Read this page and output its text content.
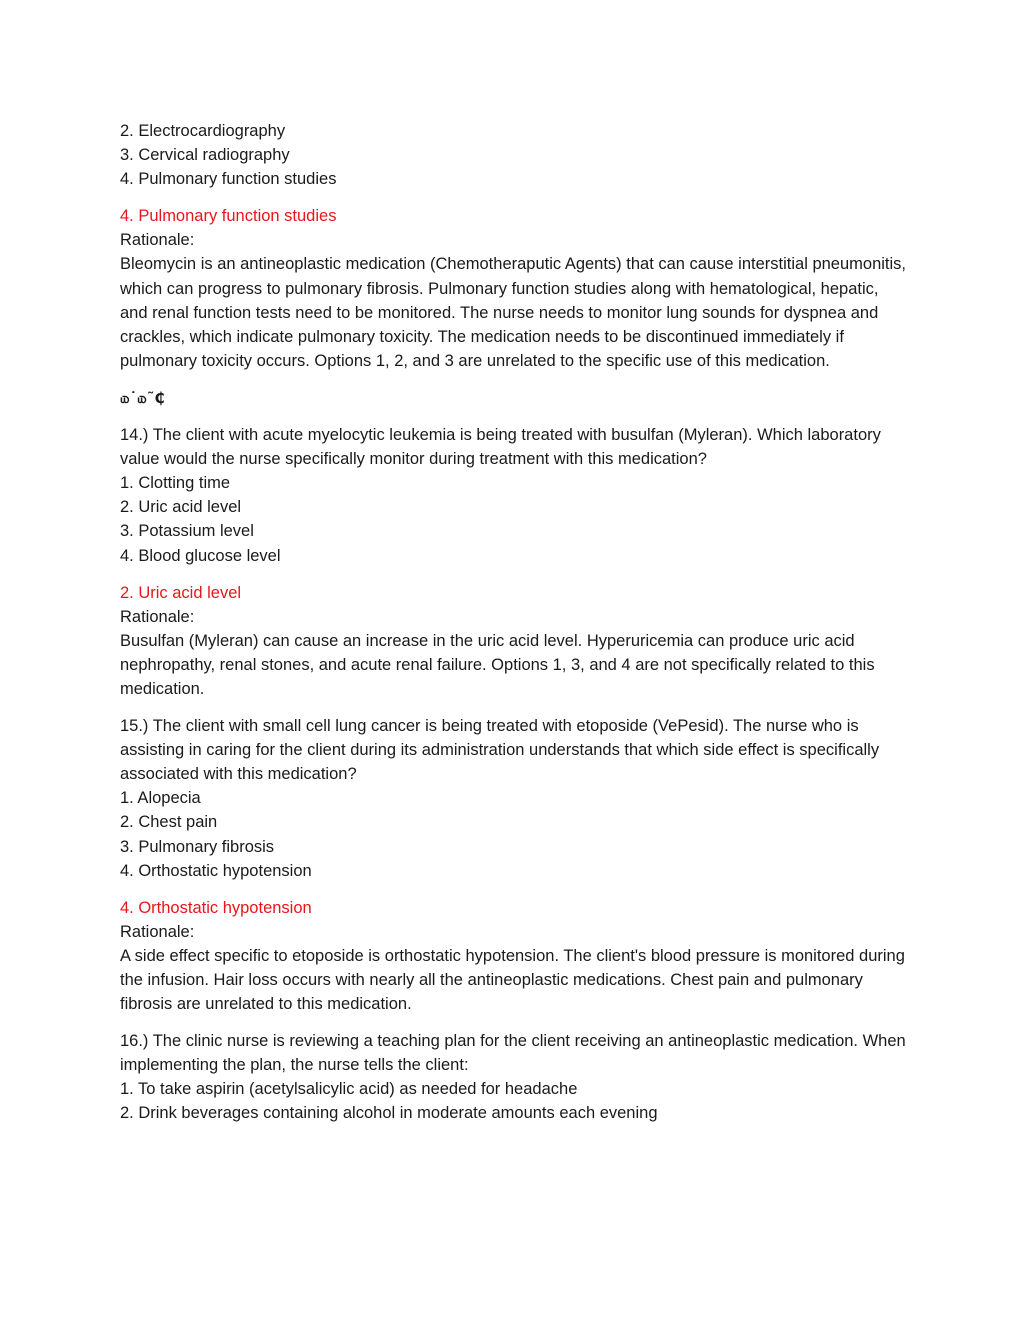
2. Electrocardiography
3. Cervical radiography
4. Pulmonary function studies
4. Pulmonary function studies
Rationale:
Bleomycin is an antineoplastic medication (Chemotheraputic Agents) that can cause interstitial pneumonitis, which can progress to pulmonary fibrosis. Pulmonary function studies along with hematological, hepatic, and renal function tests need to be monitored. The nurse needs to monitor lung sounds for dyspnea and crackles, which indicate pulmonary toxicity. The medication needs to be discontinued immediately if pulmonary toxicity occurs. Options 1, 2, and 3 are unrelated to the specific use of this medication.
௰˙௰˜₵
14.) The client with acute myelocytic leukemia is being treated with busulfan (Myleran). Which laboratory value would the nurse specifically monitor during treatment with this medication?
1. Clotting time
2. Uric acid level
3. Potassium level
4. Blood glucose level
2. Uric acid level
Rationale:
Busulfan (Myleran) can cause an increase in the uric acid level. Hyperuricemia can produce uric acid nephropathy, renal stones, and acute renal failure. Options 1, 3, and 4 are not specifically related to this medication.
15.) The client with small cell lung cancer is being treated with etoposide (VePesid). The nurse who is assisting in caring for the client during its administration understands that which side effect is specifically associated with this medication?
1. Alopecia
2. Chest pain
3. Pulmonary fibrosis
4. Orthostatic hypotension
4. Orthostatic hypotension
Rationale:
A side effect specific to etoposide is orthostatic hypotension. The client's blood pressure is monitored during the infusion. Hair loss occurs with nearly all the antineoplastic medications. Chest pain and pulmonary fibrosis are unrelated to this medication.
16.) The clinic nurse is reviewing a teaching plan for the client receiving an antineoplastic medication. When implementing the plan, the nurse tells the client:
1. To take aspirin (acetylsalicylic acid) as needed for headache
2. Drink beverages containing alcohol in moderate amounts each evening
